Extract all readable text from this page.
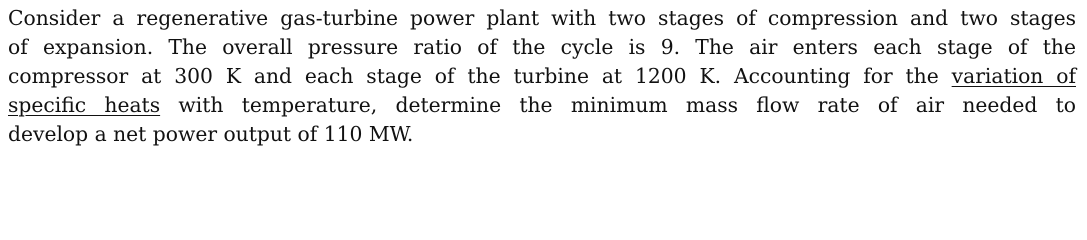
Consider a regenerative gas-turbine power plant with two stages of compression and two stages
of expansion. The overall pressure ratio of the cycle is 9. The air enters each stage of the
compressor at 300 K and each stage of the turbine at 1200 K. Accounting for the variation of
specific heats with temperature, determine the minimum mass flow rate of air needed to
develop a net power output of 110 MW.
